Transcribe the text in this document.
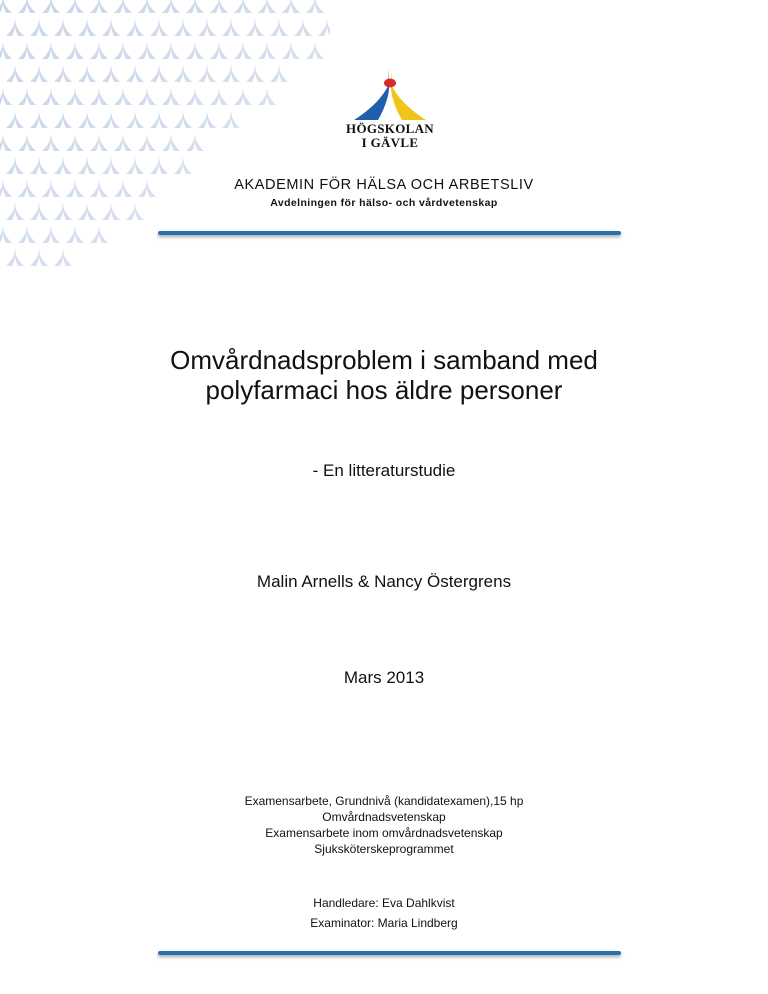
HÖGSKOLAN
I GÄVLE
AKADEMIN FÖR HÄLSA OCH ARBETSLIV
Avdelningen för hälso- och vårdvetenskap
Omvårdnadsproblem i samband med
polyfarmaci hos äldre personer
- En litteraturstudie
Malin Arnells & Nancy Östergrens
Mars 2013
Examensarbete, Grundnivå (kandidatexamen),15 hp
Omvårdnadsvetenskap
Examensarbete inom omvårdnadsvetenskap
Sjuksköterskeprogrammet
Handledare: Eva Dahlkvist
Examinator: Maria Lindberg
